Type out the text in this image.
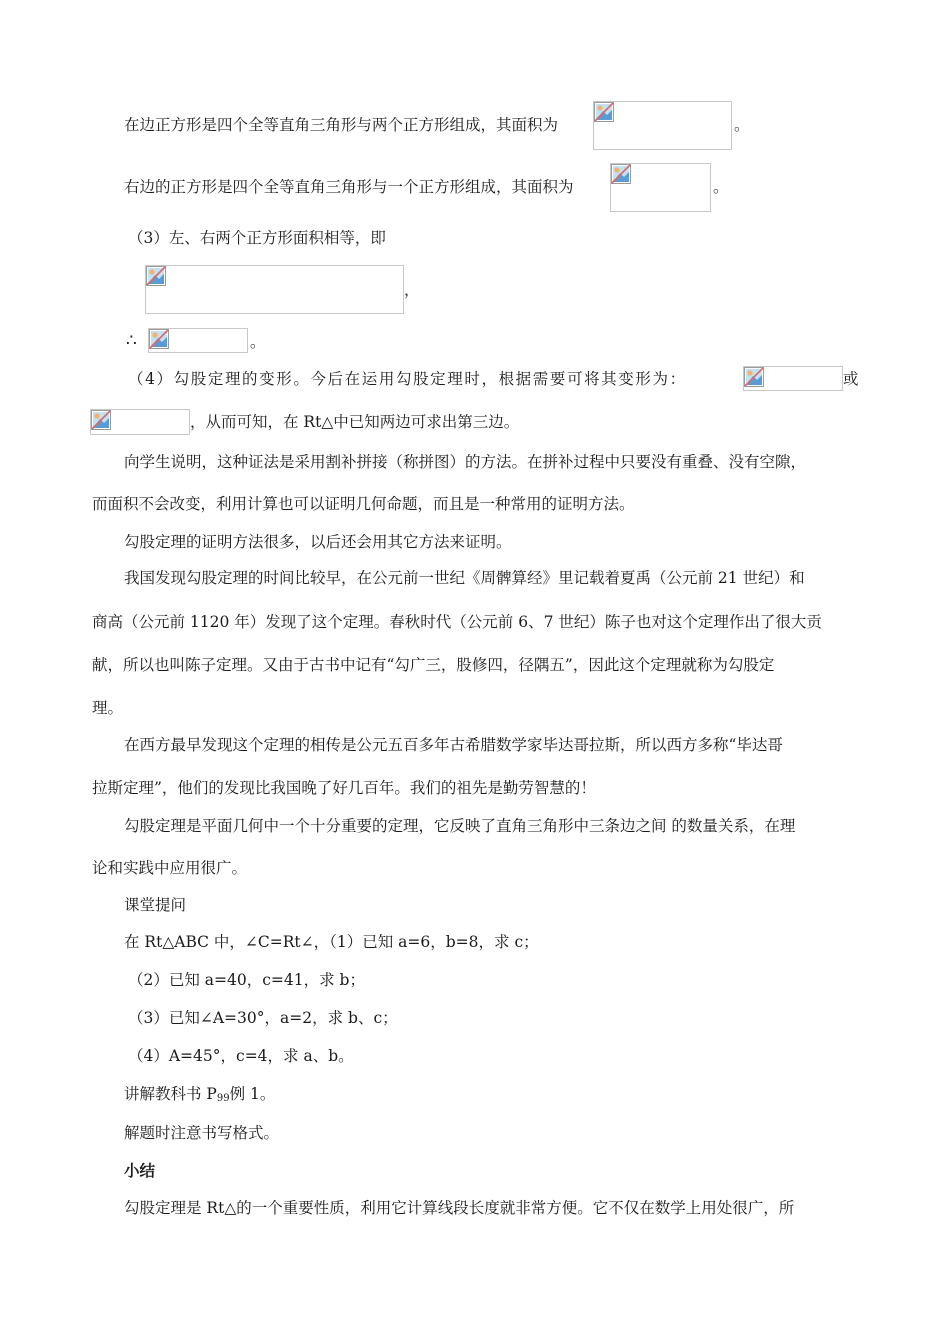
在边正方形是四个全等直角三角形与两个正方形组成，其面积为	。
右边的正方形是四个全等直角三角形与一个正方形组成，其面积为	。
（3）左、右两个正方形面积相等，即
，
∴	。
（4）勾股定理的变形。今后在运用勾股定理时，根据需要可将其变形为：	或
，从而可知，在 Rt△中已知两边可求出第三边。
向学生说明，这种证法是采用割补拼接（称拼图）的方法。在拼补过程中只要没有重叠、没有空隙，
而面积不会改变，利用计算也可以证明几何命题，而且是一种常用的证明方法。
勾股定理的证明方法很多，以后还会用其它方法来证明。
我国发现勾股定理的时间比较早，在公元前一世纪《周髀算经》里记载着夏禹（公元前 21 世纪）和
商高（公元前 1120 年）发现了这个定理。春秋时代（公元前 6、7 世纪）陈子也对这个定理作出了很大贡
献，所以也叫陈子定理。又由于古书中记有“勾广三，股修四，径隅五”，因此这个定理就称为勾股定
理。
在西方最早发现这个定理的相传是公元五百多年古希腊数学家毕达哥拉斯，所以西方多称“毕达哥
拉斯定理”，他们的发现比我国晚了好几百年。我们的祖先是勤劳智慧的！
勾股定理是平面几何中一个十分重要的定理，它反映了直角三角形中三条边之间 的数量关系，在理
论和实践中应用很广。
课堂提问
在 Rt△ABC 中，∠C=Rt∠，（1）已知 a=6，b=8，求 c；
（2）已知 a=40，c=41，求 b；
（3）已知∠A=30°，a=2，求 b、c；
（4）A=45°，c=4，求 a、b。
讲解教科书 $P_{99}$例 1。
解题时注意书写格式。
小结
勾股定理是 Rt△的一个重要性质，利用它计算线段长度就非常方便。它不仅在数学上用处很广，所
